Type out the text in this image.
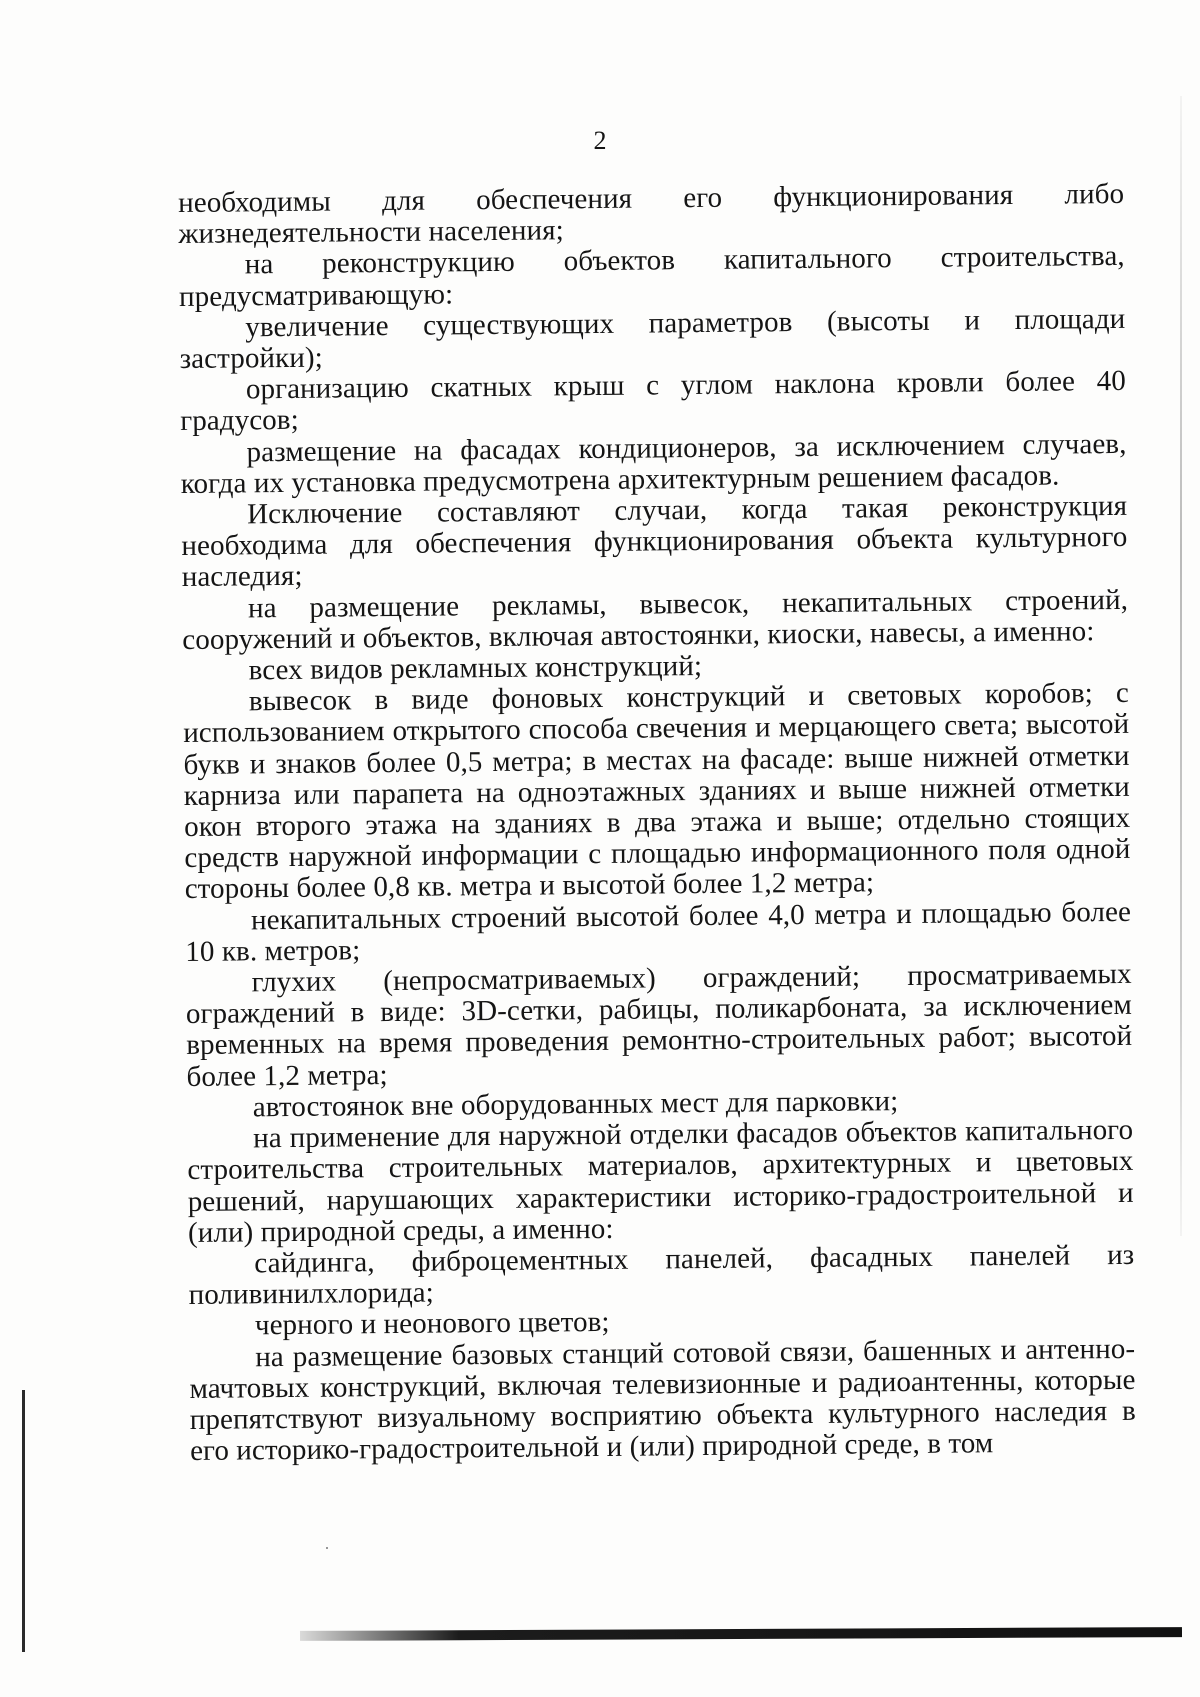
2

необходимы для обеспечения его функционирования либо жизнедеятельности населения;

на реконструкцию объектов капитального строительства, предусматривающую:

увеличение существующих параметров (высоты и площади застройки);

организацию скатных крыш с углом наклона кровли более 40 градусов;

размещение на фасадах кондиционеров, за исключением случаев, когда их установка предусмотрена архитектурным решением фасадов.

Исключение составляют случаи, когда такая реконструкция необходима для обеспечения функционирования объекта культурного наследия;

на размещение рекламы, вывесок, некапитальных строений, сооружений и объектов, включая автостоянки, киоски, навесы, а именно:

всех видов рекламных конструкций;

вывесок в виде фоновых конструкций и световых коробов; с использованием открытого способа свечения и мерцающего света; высотой букв и знаков более 0,5 метра; в местах на фасаде: выше нижней отметки карниза или парапета на одноэтажных зданиях и выше нижней отметки окон второго этажа на зданиях в два этажа и выше; отдельно стоящих средств наружной информации с площадью информационного поля одной стороны более 0,8 кв. метра и высотой более 1,2 метра;

некапитальных строений высотой более 4,0 метра и площадью более 10 кв. метров;

глухих (непросматриваемых) ограждений; просматриваемых ограждений в виде: 3D-сетки, рабицы, поликарбоната, за исключением временных на время проведения ремонтно-строительных работ; высотой более 1,2 метра;

автостоянок вне оборудованных мест для парковки;

на применение для наружной отделки фасадов объектов капитального строительства строительных материалов, архитектурных и цветовых решений, нарушающих характеристики историко-градостроительной и (или) природной среды, а именно:

сайдинга, фиброцементных панелей, фасадных панелей из поливинилхлорида;

черного и неонового цветов;

на размещение базовых станций сотовой связи, башенных и антенно-мачтовых конструкций, включая телевизионные и радиоантенны, которые препятствуют визуальному восприятию объекта культурного наследия в его историко-градостроительной и (или) природной среде, в том
